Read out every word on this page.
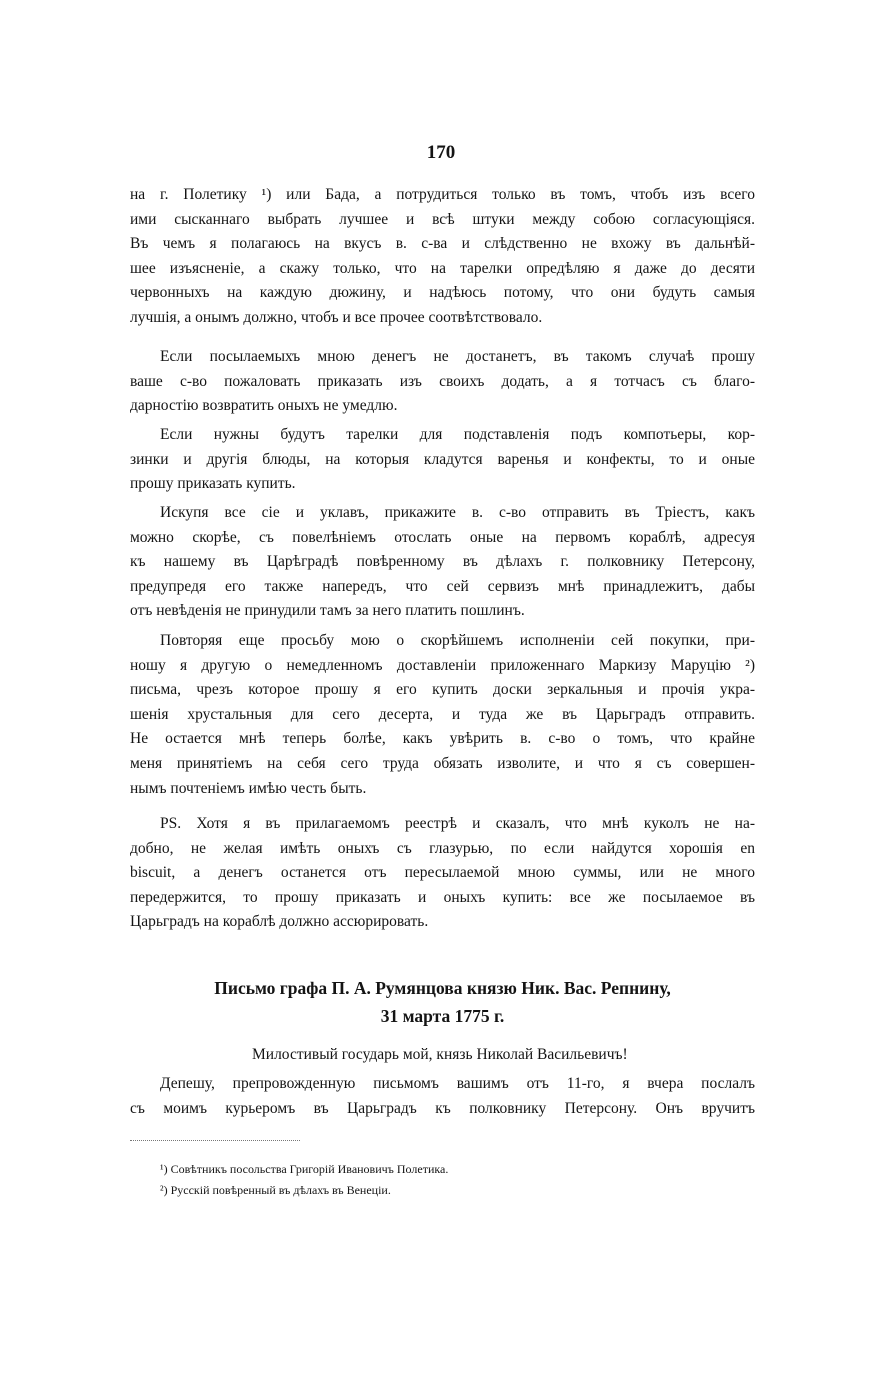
170
на г. Полетику ¹) или Бада, а потрудиться только въ томъ, чтобъ изъ всего
ими сысканнаго выбрать лучшее и всѣ штуки между собою согласующіяся.
Въ чемъ я полагаюсь на вкусъ в. с-ва и слѣдственно не вхожу въ дальнѣй-
шее изъясненіе, а скажу только, что на тарелки опредѣляю я даже до десяти
червонныхъ на каждую дюжину, и надѣюсь потому, что они будуть самыя
лучшія, а онымъ должно, чтобъ и все прочее соотвѣтствовало.
Если посылаемыхъ мною денегъ не достанетъ, въ такомъ случаѣ прошу
ваше с-во пожаловать приказать изъ своихъ додать, а я тотчасъ съ благо-
дарностію возвратить оныхъ не умедлю.
Если нужны будутъ тарелки для подставленія подъ компотьеры, кор-
зинки и другія блюды, на которыя кладутся варенья и конфекты, то и оные
прошу приказать купить.
Искупя все сіе и уклавъ, прикажите в. с-во отправить въ Тріестъ, какъ
можно скорѣе, съ повелѣніемъ отослать оные на первомъ кораблѣ, адресуя
къ нашему въ Царѣградѣ повѣренному въ дѣлахъ г. полковнику Петерсону,
предупредя его также напередъ, что сей сервизъ мнѣ принадлежитъ, дабы
отъ невѣденія не принудили тамъ за него платить пошлинъ.
Повторяя еще просьбу мою о скорѣйшемъ исполненіи сей покупки, при-
ношу я другую о немедленномъ доставленіи приложеннаго Маркизу Маруцію ²)
письма, чрезъ которое прошу я его купить доски зеркальныя и прочія укра-
шенія хрустальныя для сего десерта, и туда же въ Царьградъ отправить.
Не остается мнѣ теперь болѣе, какъ увѣрить в. с-во о томъ, что крайне
меня принятіемъ на себя сего труда обязать изволите, и что я съ совершен-
нымъ почтеніемъ имѣю честь быть.
PS. Хотя я въ прилагаемомъ реестрѣ и сказалъ, что мнѣ куколъ не на-
добно, не желая имѣть оныхъ съ глазурью, по если найдутся хорошія en
biscuit, а денегъ останется отъ пересылаемой мною суммы, или не много
передержится, то прошу приказать и оныхъ купить: все же посылаемое въ
Царьградъ на кораблѣ должно ассюрировать.
Письмо графа П. А. Румянцова князю Ник. Вас. Репнину,
31 марта 1775 г.
Милостивый государь мой, князь Николай Васильевичъ!
Депешу, препровожденную письмомъ вашимъ отъ 11-го, я вчера послалъ
съ моимъ курьеромъ въ Царьградъ къ полковнику Петерсону. Онъ вручитъ
¹) Совѣтникъ посольства Григорій Ивановичъ Полетика.
²) Русскій повѣренный въ дѣлахъ въ Венеціи.
